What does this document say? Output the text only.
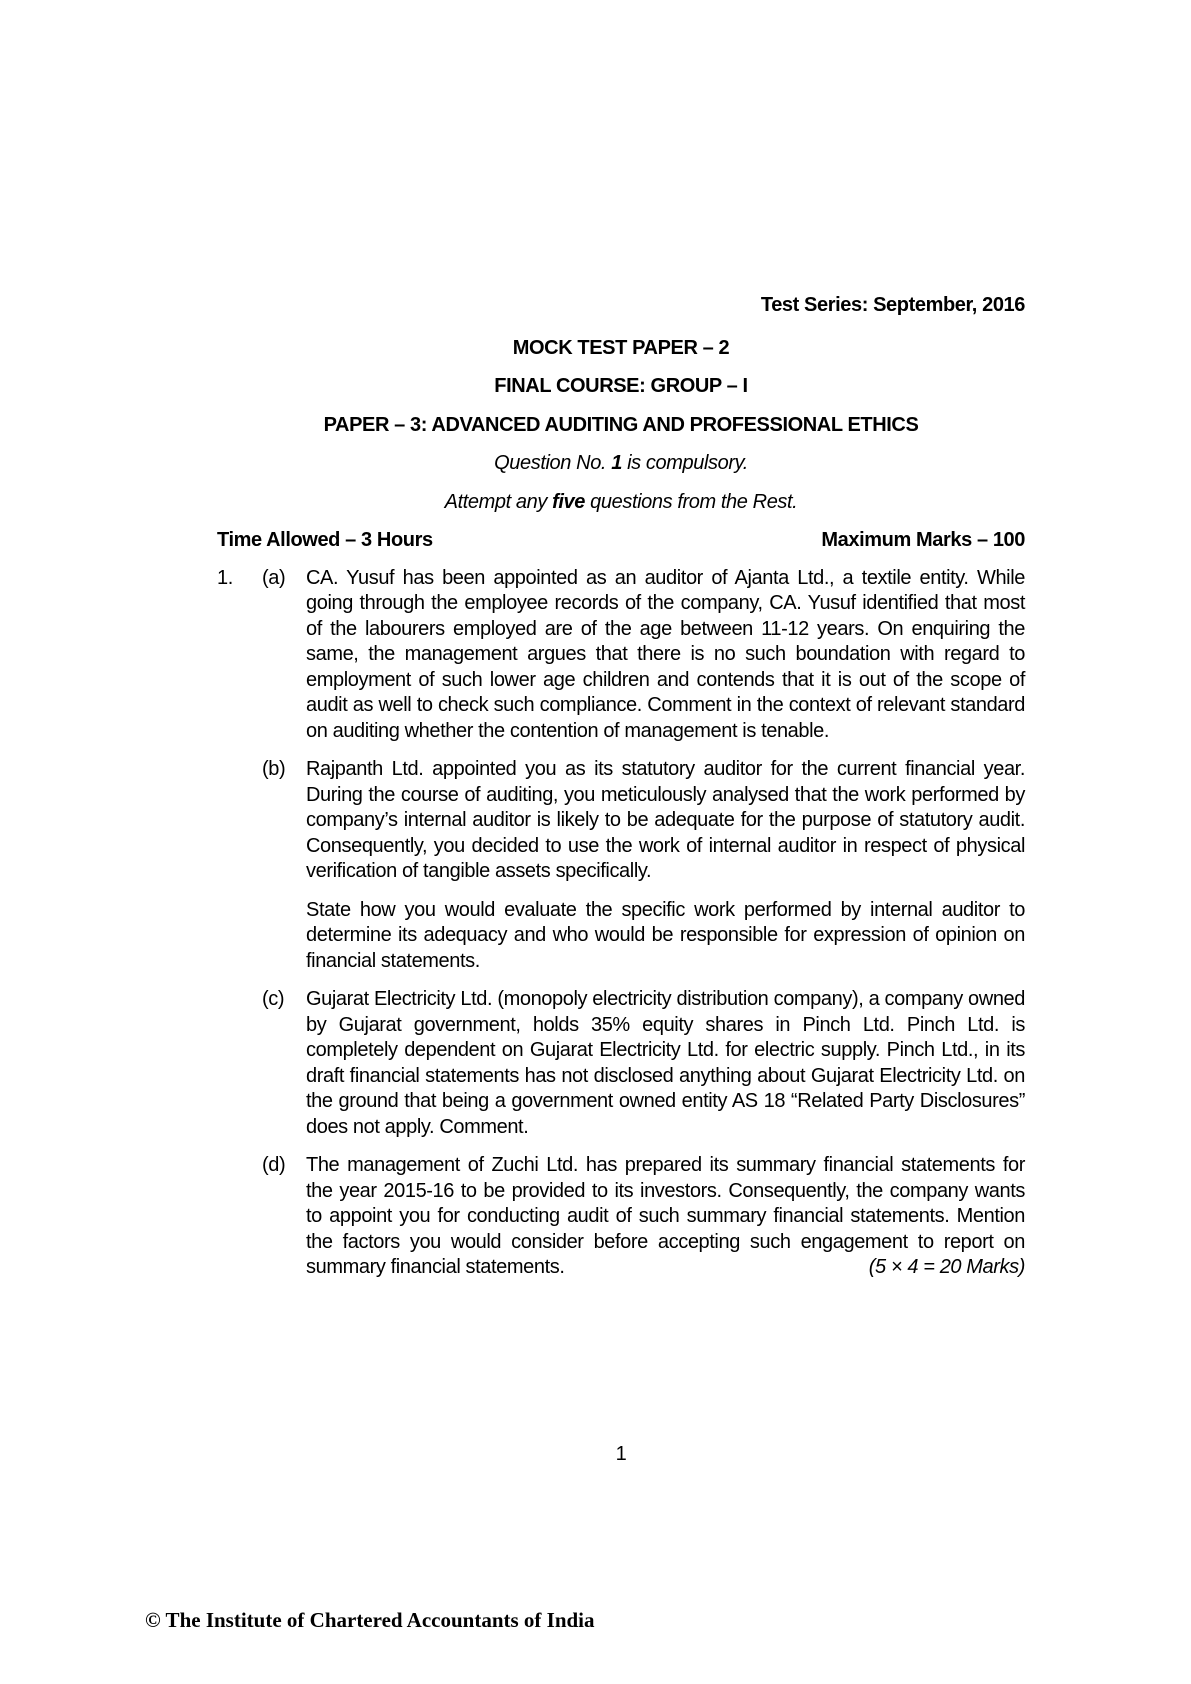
Test Series: September, 2016
MOCK TEST PAPER – 2
FINAL COURSE: GROUP – I
PAPER – 3: ADVANCED AUDITING AND PROFESSIONAL ETHICS
Question No. 1 is compulsory.
Attempt any five questions from the Rest.
Time Allowed – 3 Hours	Maximum Marks – 100
1.	(a)	CA. Yusuf has been appointed as an auditor of Ajanta Ltd., a textile entity. While going through the employee records of the company, CA. Yusuf identified that most of the labourers employed are of the age between 11-12 years. On enquiring the same, the management argues that there is no such boundation with regard to employment of such lower age children and contends that it is out of the scope of audit as well to check such compliance. Comment in the context of relevant standard on auditing whether the contention of management is tenable.

(b)	Rajpanth Ltd. appointed you as its statutory auditor for the current financial year. During the course of auditing, you meticulously analysed that the work performed by company’s internal auditor is likely to be adequate for the purpose of statutory audit. Consequently, you decided to use the work of internal auditor in respect of physical verification of tangible assets specifically.

State how you would evaluate the specific work performed by internal auditor to determine its adequacy and who would be responsible for expression of opinion on financial statements.

(c)	Gujarat Electricity Ltd. (monopoly electricity distribution company), a company owned by Gujarat government, holds 35% equity shares in Pinch Ltd. Pinch Ltd. is completely dependent on Gujarat Electricity Ltd. for electric supply. Pinch Ltd., in its draft financial statements has not disclosed anything about Gujarat Electricity Ltd. on the ground that being a government owned entity AS 18 “Related Party Disclosures” does not apply. Comment.

(d)	The management of Zuchi Ltd. has prepared its summary financial statements for the year 2015-16 to be provided to its investors. Consequently, the company wants to appoint you for conducting audit of such summary financial statements. Mention the factors you would consider before accepting such engagement to report on summary financial statements.	(5 × 4 = 20 Marks)

1
© The Institute of Chartered Accountants of India
